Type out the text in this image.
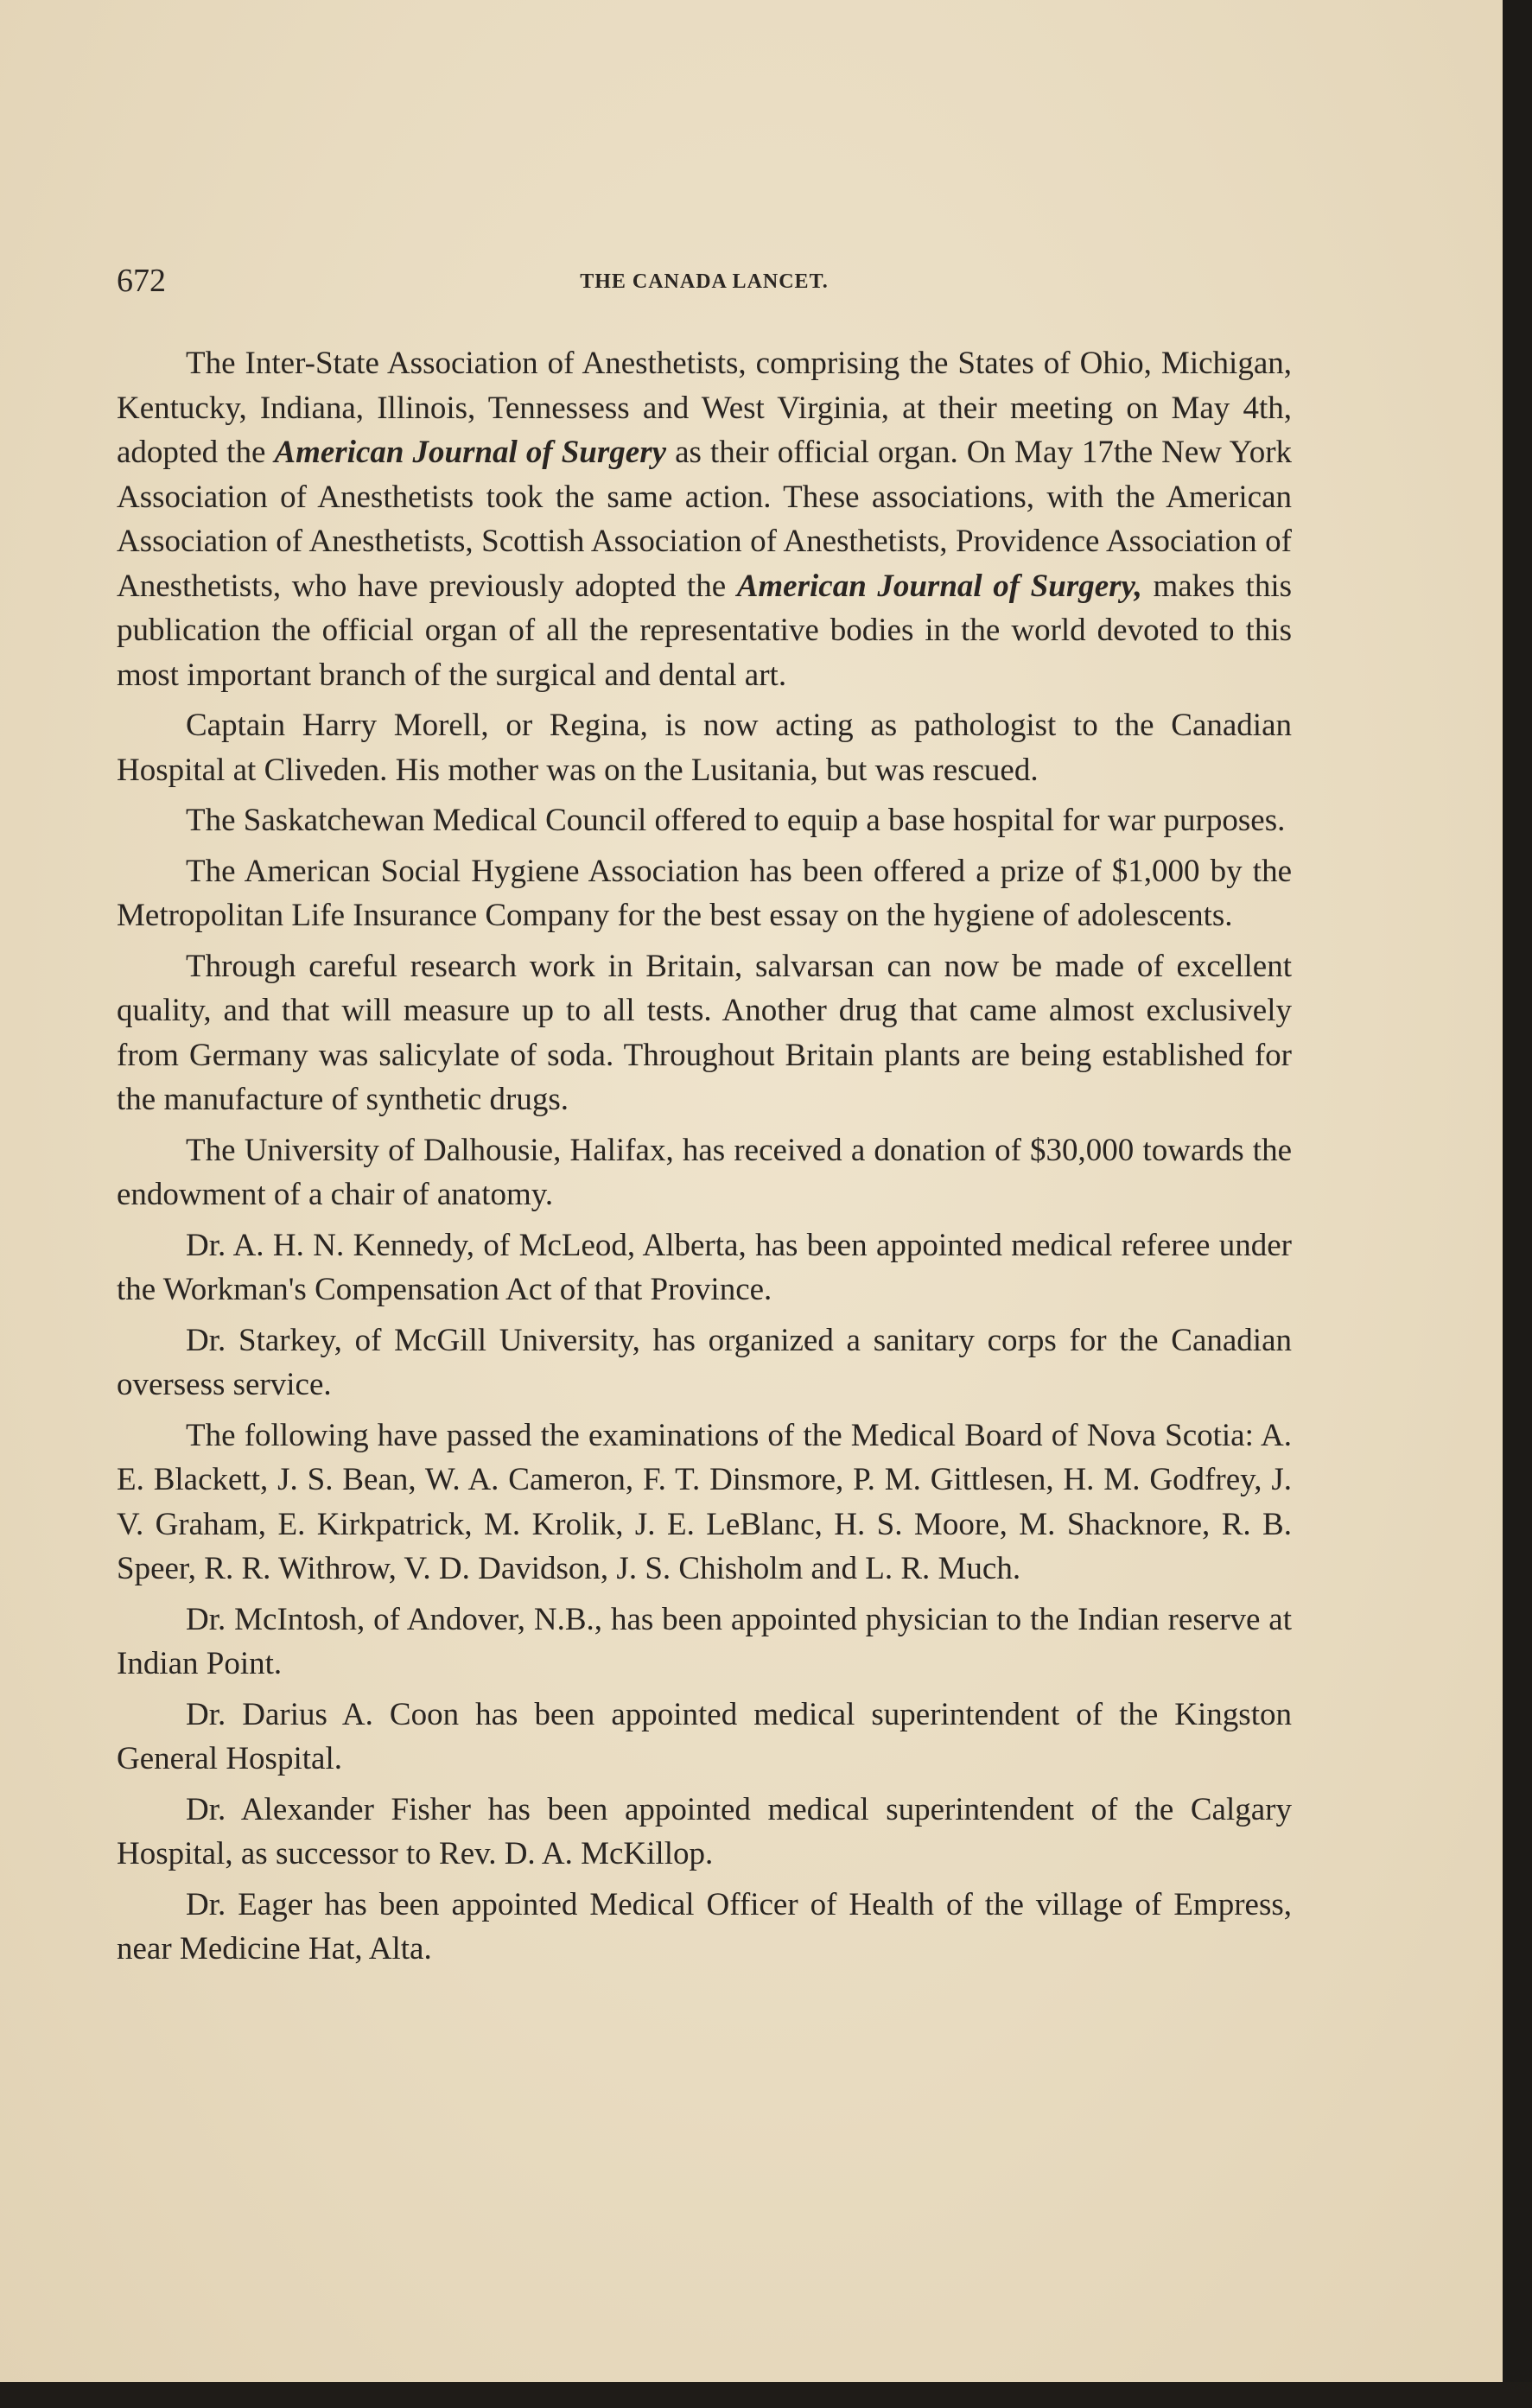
672	THE CANADA LANCET.

The Inter-State Association of Anesthetists, comprising the States of Ohio, Michigan, Kentucky, Indiana, Illinois, Tennessess and West Virginia, at their meeting on May 4th, adopted the American Journal of Surgery as their official organ. On May 17the New York Association of Anesthetists took the same action. These associations, with the American Association of Anesthetists, Scottish Association of Anesthetists, Providence Association of Anesthetists, who have previously adopted the American Journal of Surgery, makes this publication the official organ of all the representative bodies in the world devoted to this most important branch of the surgical and dental art.

Captain Harry Morell, or Regina, is now acting as pathologist to the Canadian Hospital at Cliveden. His mother was on the Lusitania, but was rescued.

The Saskatchewan Medical Council offered to equip a base hospital for war purposes.

The American Social Hygiene Association has been offered a prize of $1,000 by the Metropolitan Life Insurance Company for the best essay on the hygiene of adolescents.

Through careful research work in Britain, salvarsan can now be made of excellent quality, and that will measure up to all tests. Another drug that came almost exclusively from Germany was salicylate of soda. Throughout Britain plants are being established for the manufacture of synthetic drugs.

The University of Dalhousie, Halifax, has received a donation of $30,000 towards the endowment of a chair of anatomy.

Dr. A. H. N. Kennedy, of McLeod, Alberta, has been appointed medical referee under the Workman's Compensation Act of that Province.

Dr. Starkey, of McGill University, has organized a sanitary corps for the Canadian oversess service.

The following have passed the examinations of the Medical Board of Nova Scotia: A. E. Blackett, J. S. Bean, W. A. Cameron, F. T. Dinsmore, P. M. Gittlesen, H. M. Godfrey, J. V. Graham, E. Kirkpatrick, M. Krolik, J. E. LeBlanc, H. S. Moore, M. Shacknore, R. B. Speer, R. R. Withrow, V. D. Davidson, J. S. Chisholm and L. R. Much.

Dr. McIntosh, of Andover, N.B., has been appointed physician to the Indian reserve at Indian Point.

Dr. Darius A. Coon has been appointed medical superintendent of the Kingston General Hospital.

Dr. Alexander Fisher has been appointed medical superintendent of the Calgary Hospital, as successor to Rev. D. A. McKillop.

Dr. Eager has been appointed Medical Officer of Health of the village of Empress, near Medicine Hat, Alta.
